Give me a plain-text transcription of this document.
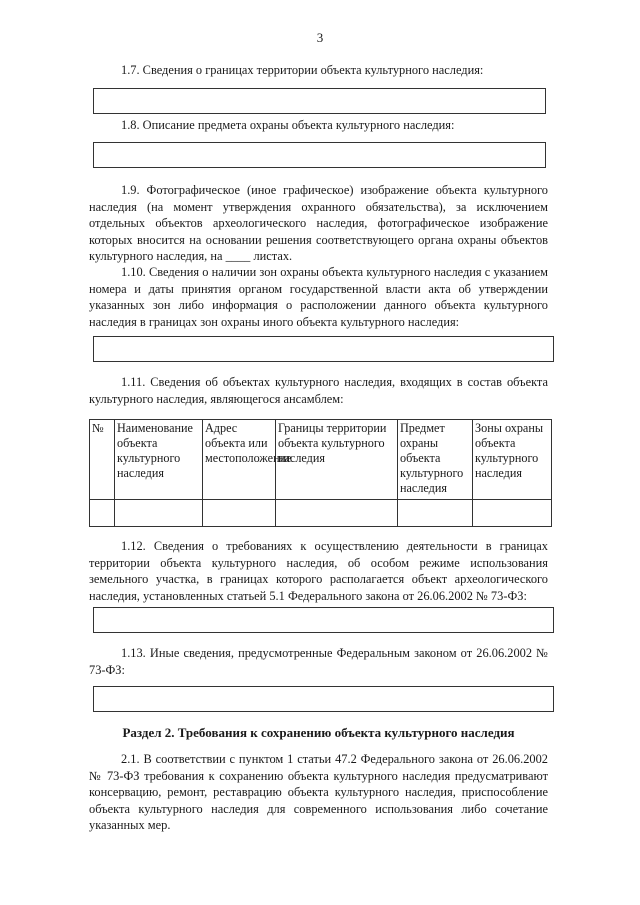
3
1.7. Сведения о границах территории объекта культурного наследия:
1.8. Описание предмета охраны объекта культурного наследия:
1.9. Фотографическое (иное графическое) изображение объекта культурного наследия (на момент утверждения охранного обязательства), за исключением отдельных объектов археологического наследия, фотографическое изображение которых вносится на основании решения соответствующего органа охраны объектов культурного наследия, на ____ листах.
1.10. Сведения о наличии зон охраны объекта культурного наследия с указанием номера и даты принятия органом государственной власти акта об утверждении указанных зон либо информация о расположении данного объекта культурного наследия в границах зон охраны иного объекта культурного наследия:
1.11. Сведения об объектах культурного наследия, входящих в состав объекта культурного наследия, являющегося ансамблем:
№	Наименование объекта культурного наследия	Адрес объекта или местоположение	Границы территории объекта культурного наследия	Предмет охраны объекта культурного наследия	Зоны охраны объекта культурного наследия

1.12. Сведения о требованиях к осуществлению деятельности в границах территории объекта культурного наследия, об особом режиме использования земельного участка, в границах которого располагается объект археологического наследия, установленных статьей 5.1 Федерального закона от 26.06.2002 № 73-ФЗ:
1.13. Иные сведения, предусмотренные Федеральным законом от 26.06.2002 № 73-ФЗ:
Раздел 2. Требования к сохранению объекта культурного наследия
2.1. В соответствии с пунктом 1 статьи 47.2 Федерального закона от 26.06.2002 № 73-ФЗ требования к сохранению объекта культурного наследия предусматривают консервацию, ремонт, реставрацию объекта культурного наследия, приспособление объекта культурного наследия для современного использования либо сочетание указанных мер.
